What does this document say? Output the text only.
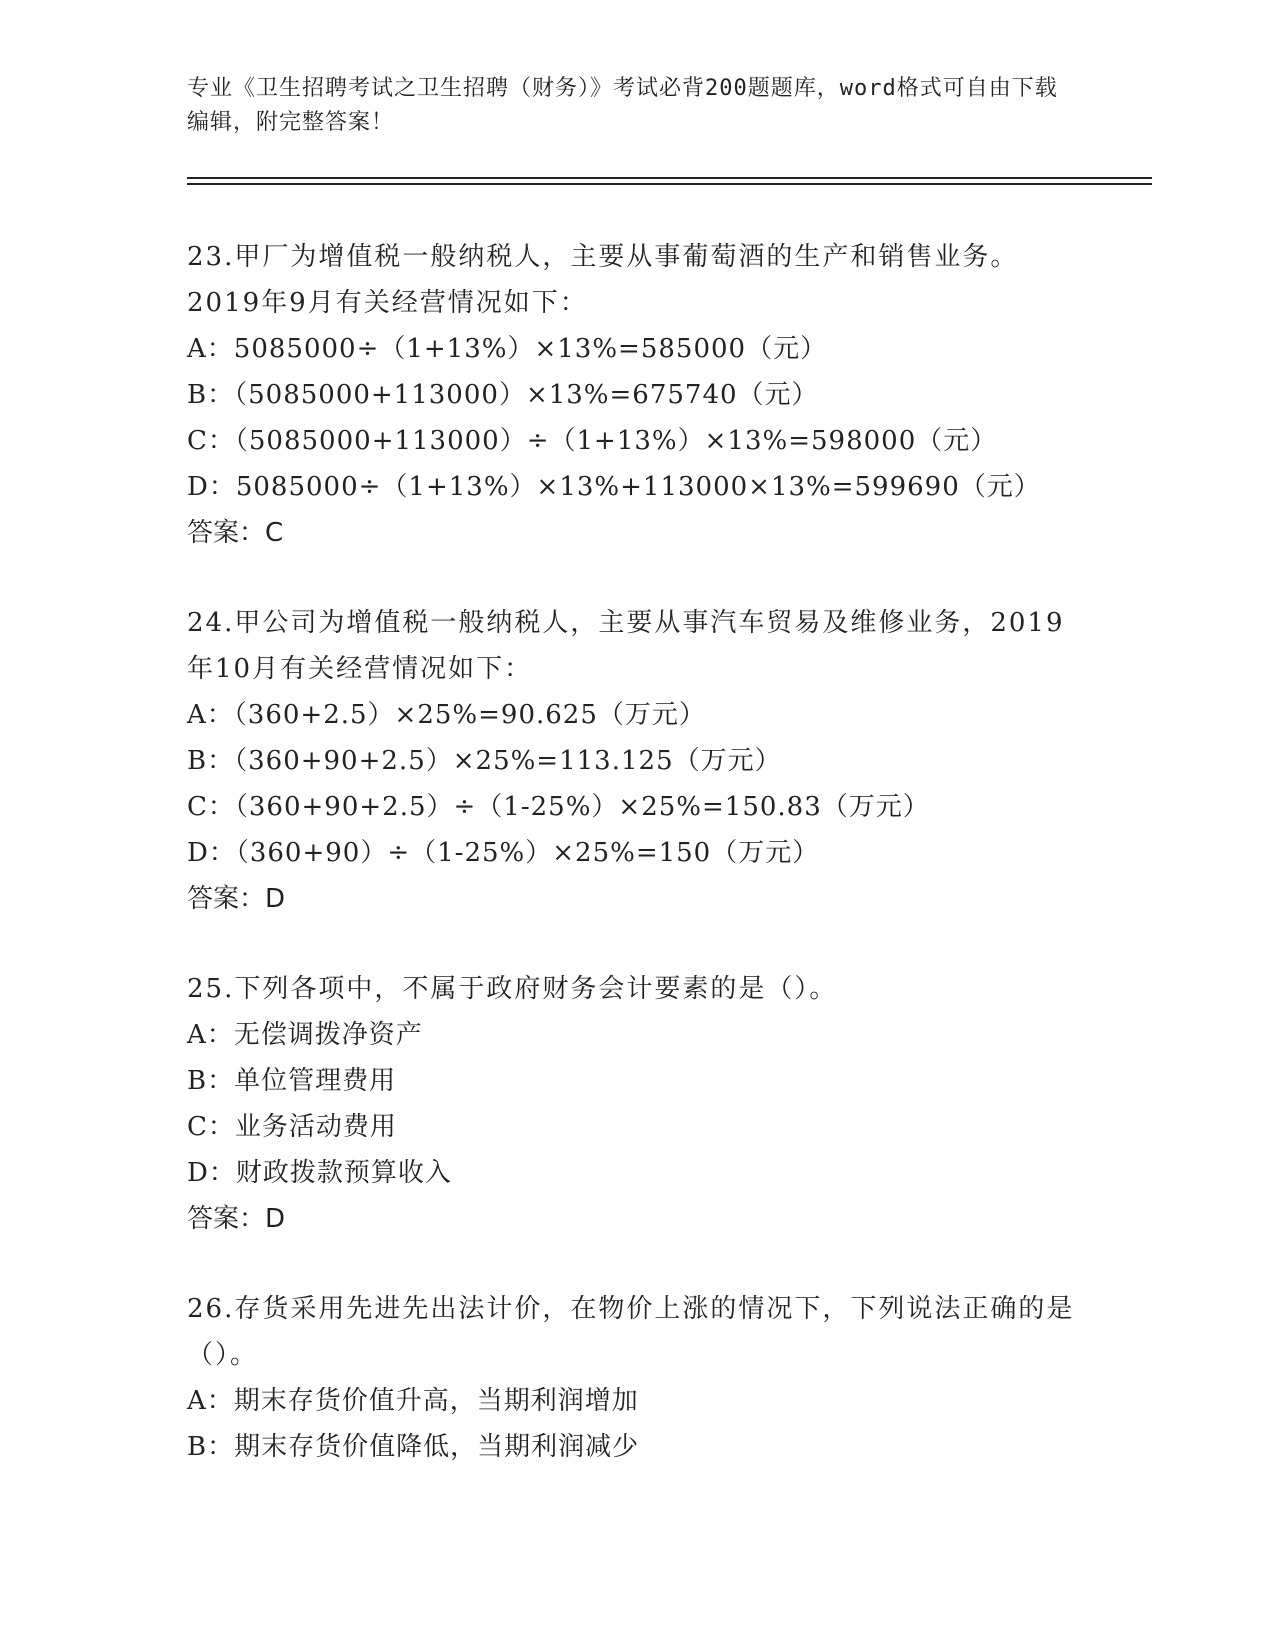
专业《卫生招聘考试之卫生招聘（财务）》考试必背200题题库，word格式可自由下载编辑，附完整答案！

23.甲厂为增值税一般纳税人，主要从事葡萄酒的生产和销售业务。2019年9月有关经营情况如下：

A：5085000÷（1+13%）×13%=585000（元）

B：（5085000+113000）×13%=675740（元）

C：（5085000+113000）÷（1+13%）×13%=598000（元）

D：5085000÷（1+13%）×13%+113000×13%=599690（元）

答案：C

24.甲公司为增值税一般纳税人，主要从事汽车贸易及维修业务，2019年10月有关经营情况如下：

A：（360+2.5）×25%=90.625（万元）

B：（360+90+2.5）×25%=113.125（万元）

C：（360+90+2.5）÷（1-25%）×25%=150.83（万元）

D：（360+90）÷（1-25%）×25%=150（万元）

答案：D

25.下列各项中，不属于政府财务会计要素的是（）。

A：无偿调拨净资产

B：单位管理费用

C：业务活动费用

D：财政拨款预算收入

答案：D

26.存货采用先进先出法计价，在物价上涨的情况下，下列说法正确的是（）。

A：期末存货价值升高，当期利润增加

B：期末存货价值降低，当期利润减少
